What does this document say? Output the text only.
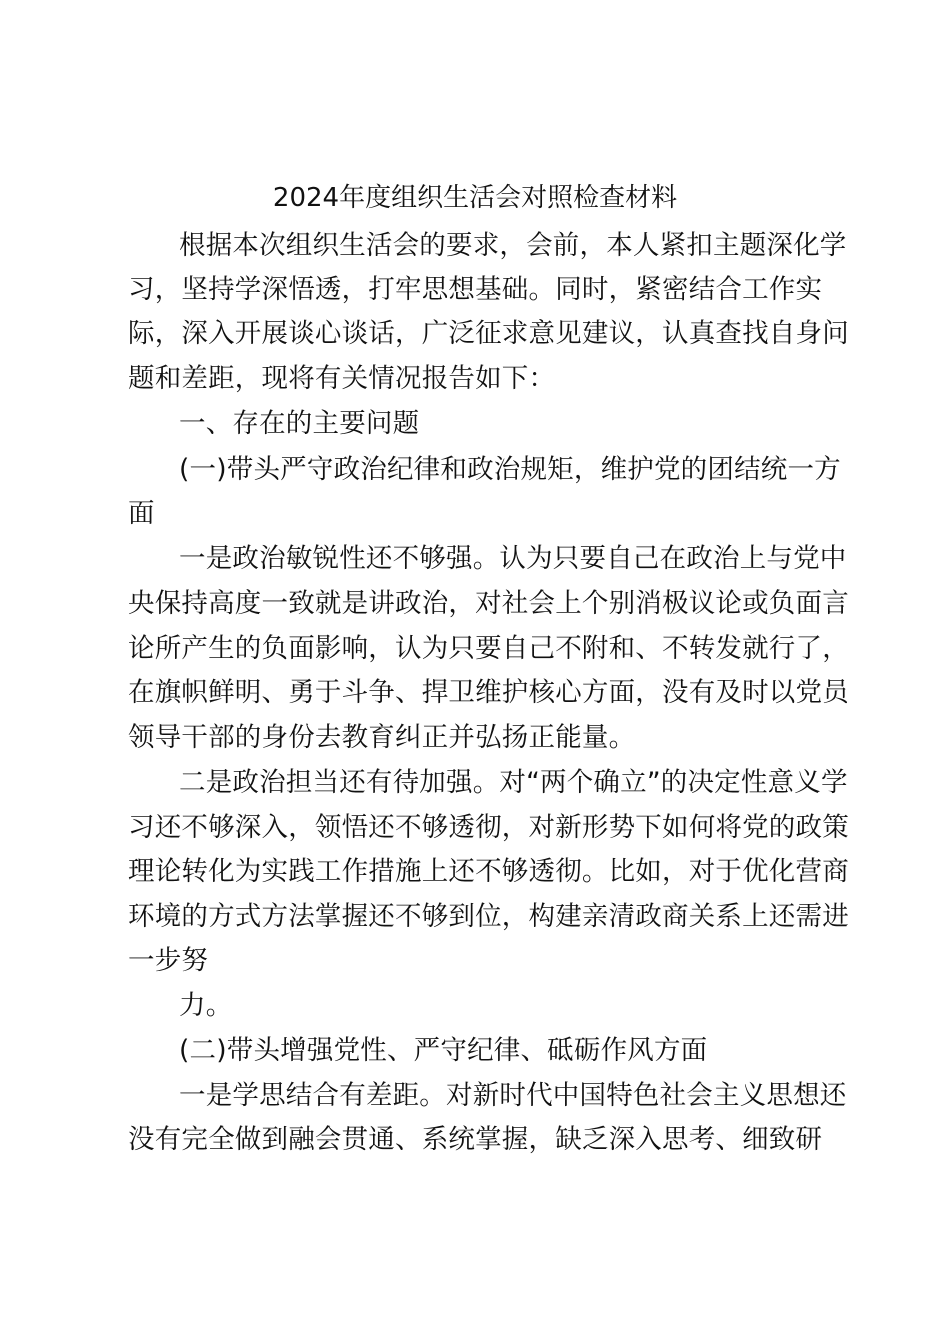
2024年度组织生活会对照检查材料
根据本次组织生活会的要求，会前，本人紧扣主题深化学
习，坚持学深悟透，打牢思想基础。同时，紧密结合工作实
际，深入开展谈心谈话，广泛征求意见建议，认真查找自身问
题和差距，现将有关情况报告如下：
一、存在的主要问题
(一)带头严守政治纪律和政治规矩，维护党的团结统一方
面
一是政治敏锐性还不够强。认为只要自己在政治上与党中
央保持高度一致就是讲政治，对社会上个别消极议论或负面言
论所产生的负面影响，认为只要自己不附和、不转发就行了，
在旗帜鲜明、勇于斗争、捍卫维护核心方面，没有及时以党员
领导干部的身份去教育纠正并弘扬正能量。
二是政治担当还有待加强。对“两个确立”的决定性意义学
习还不够深入，领悟还不够透彻，对新形势下如何将党的政策
理论转化为实践工作措施上还不够透彻。比如，对于优化营商
环境的方式方法掌握还不够到位，构建亲清政商关系上还需进
一步努
力。
(二)带头增强党性、严守纪律、砥砺作风方面
一是学思结合有差距。对新时代中国特色社会主义思想还
没有完全做到融会贯通、系统掌握，缺乏深入思考、细致研
